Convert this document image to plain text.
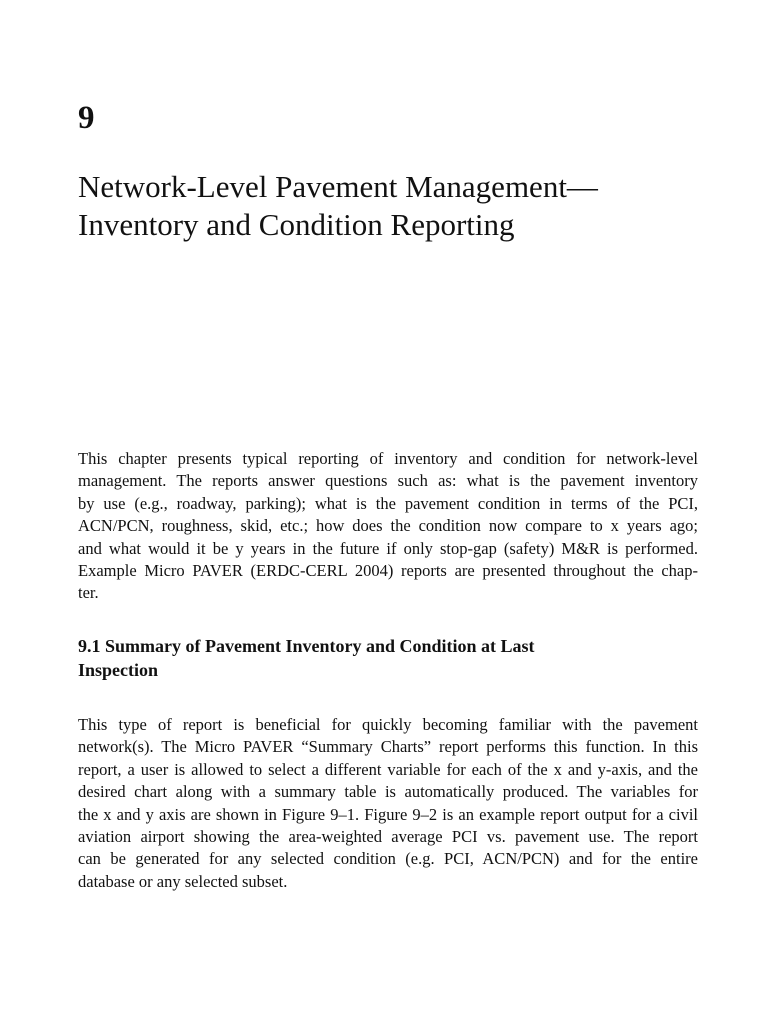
9
Network-Level Pavement Management—
Inventory and Condition Reporting

This chapter presents typical reporting of inventory and condition for network-level
management. The reports answer questions such as: what is the pavement inventory
by use (e.g., roadway, parking); what is the pavement condition in terms of the PCI,
ACN/PCN, roughness, skid, etc.; how does the condition now compare to x years ago;
and what would it be y years in the future if only stop-gap (safety) M&R is performed.
Example Micro PAVER (ERDC-CERL 2004) reports are presented throughout the chap-
ter.

9.1 Summary of Pavement Inventory and Condition at Last
Inspection

This type of report is beneficial for quickly becoming familiar with the pavement
network(s). The Micro PAVER “Summary Charts” report performs this function. In this
report, a user is allowed to select a different variable for each of the x and y-axis, and the
desired chart along with a summary table is automatically produced. The variables for
the x and y axis are shown in Figure 9–1. Figure 9–2 is an example report output for a civil
aviation airport showing the area-weighted average PCI vs. pavement use. The report
can be generated for any selected condition (e.g. PCI, ACN/PCN) and for the entire
database or any selected subset.
